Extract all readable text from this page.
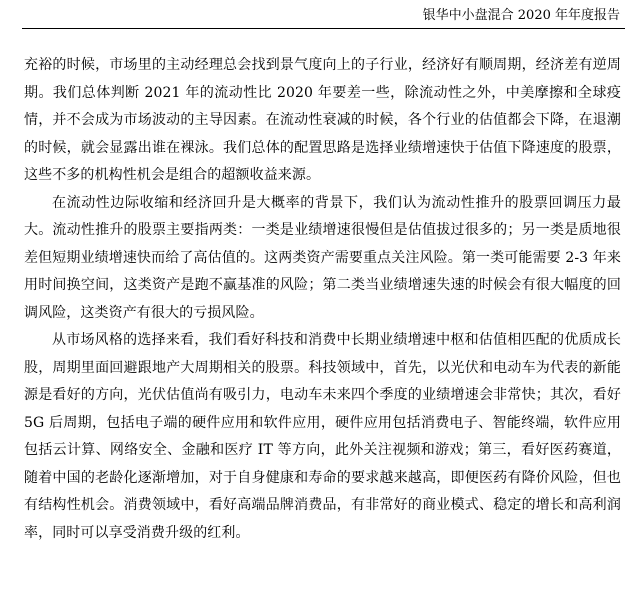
银华中小盘混合 2020 年年度报告

充裕的时候，市场里的主动经理总会找到景气度向上的子行业，经济好有顺周期，经济差有逆周期。我们总体判断 2021 年的流动性比 2020 年要差一些，除流动性之外，中美摩擦和全球疫情，并不会成为市场波动的主导因素。在流动性衰减的时候，各个行业的估值都会下降，在退潮的时候，就会显露出谁在裸泳。我们总体的配置思路是选择业绩增速快于估值下降速度的股票，这些不多的机构性机会是组合的超额收益来源。

在流动性边际收缩和经济回升是大概率的背景下，我们认为流动性推升的股票回调压力最大。流动性推升的股票主要指两类：一类是业绩增速很慢但是估值拔过很多的；另一类是质地很差但短期业绩增速快而给了高估值的。这两类资产需要重点关注风险。第一类可能需要 2-3 年来用时间换空间，这类资产是跑不赢基准的风险；第二类当业绩增速失速的时候会有很大幅度的回调风险，这类资产有很大的亏损风险。

从市场风格的选择来看，我们看好科技和消费中长期业绩增速中枢和估值相匹配的优质成长股，周期里面回避跟地产大周期相关的股票。科技领域中，首先，以光伏和电动车为代表的新能源是看好的方向，光伏估值尚有吸引力，电动车未来四个季度的业绩增速会非常快；其次，看好5G 后周期，包括电子端的硬件应用和软件应用，硬件应用包括消费电子、智能终端，软件应用包括云计算、网络安全、金融和医疗 IT 等方向，此外关注视频和游戏；第三，看好医药赛道，随着中国的老龄化逐渐增加，对于自身健康和寿命的要求越来越高，即便医药有降价风险，但也有结构性机会。消费领域中，看好高端品牌消费品，有非常好的商业模式、稳定的增长和高利润率，同时可以享受消费升级的红利。
